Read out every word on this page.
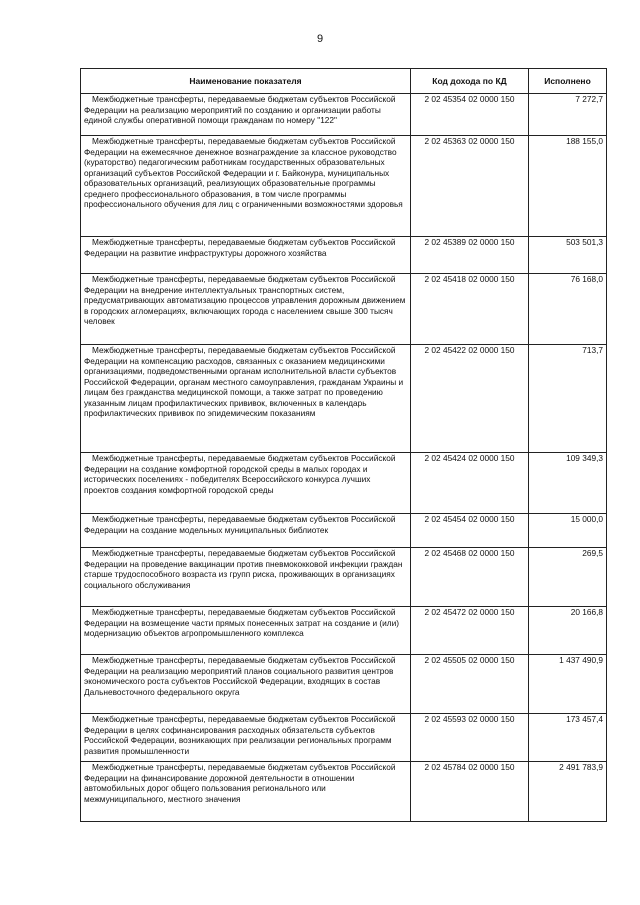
9
Наименование показателя	Код дохода по КД	Исполнено

Межбюджетные трансферты, передаваемые бюджетам субъектов Российской Федерации на реализацию мероприятий по созданию и организации работы единой службы оперативной помощи гражданам по номеру "122"	2 02 45354 02 0000 150	7 272,7

Межбюджетные трансферты, передаваемые бюджетам субъектов Российской Федерации на ежемесячное денежное вознаграждение за классное руководство (кураторство) педагогическим работникам государственных образовательных организаций субъектов Российской Федерации и г. Байконура, муниципальных образовательных организаций, реализующих образовательные программы среднего профессионального образования, в том числе программы профессионального обучения для лиц с ограниченными возможностями здоровья	2 02 45363 02 0000 150	188 155,0

Межбюджетные трансферты, передаваемые бюджетам субъектов Российской Федерации на развитие инфраструктуры дорожного хозяйства	2 02 45389 02 0000 150	503 501,3

Межбюджетные трансферты, передаваемые бюджетам субъектов Российской Федерации на внедрение интеллектуальных транспортных систем, предусматривающих автоматизацию процессов управления дорожным движением в городских агломерациях, включающих города с населением свыше 300 тысяч человек	2 02 45418 02 0000 150	76 168,0

Межбюджетные трансферты, передаваемые бюджетам субъектов Российской Федерации на компенсацию расходов, связанных с оказанием медицинскими организациями, подведомственными органам исполнительной власти субъектов Российской Федерации, органам местного самоуправления, гражданам Украины и лицам без гражданства медицинской помощи, а также затрат по проведению указанным лицам профилактических прививок, включенных в календарь профилактических прививок по эпидемическим показаниям	2 02 45422 02 0000 150	713,7

Межбюджетные трансферты, передаваемые бюджетам субъектов Российской Федерации на создание комфортной городской среды в малых городах и исторических поселениях - победителях Всероссийского конкурса лучших проектов создания комфортной городской среды	2 02 45424 02 0000 150	109 349,3

Межбюджетные трансферты, передаваемые бюджетам субъектов Российской Федерации на создание модельных муниципальных библиотек	2 02 45454 02 0000 150	15 000,0

Межбюджетные трансферты, передаваемые бюджетам субъектов Российской Федерации на проведение вакцинации против пневмококковой инфекции граждан старше трудоспособного возраста из групп риска, проживающих в организациях социального обслуживания	2 02 45468 02 0000 150	269,5

Межбюджетные трансферты, передаваемые бюджетам субъектов Российской Федерации на возмещение части прямых понесенных затрат на создание и (или) модернизацию объектов агропромышленного комплекса	2 02 45472 02 0000 150	20 166,8

Межбюджетные трансферты, передаваемые бюджетам субъектов Российской Федерации на реализацию мероприятий планов социального развития центров экономического роста субъектов Российской Федерации, входящих в состав Дальневосточного федерального округа	2 02 45505 02 0000 150	1 437 490,9

Межбюджетные трансферты, передаваемые бюджетам субъектов Российской Федерации в целях софинансирования расходных обязательств субъектов Российской Федерации, возникающих при реализации региональных программ развития промышленности	2 02 45593 02 0000 150	173 457,4

Межбюджетные трансферты, передаваемые бюджетам субъектов Российской Федерации на финансирование дорожной деятельности в отношении автомобильных дорог общего пользования регионального или межмуниципального, местного значения	2 02 45784 02 0000 150	2 491 783,9
